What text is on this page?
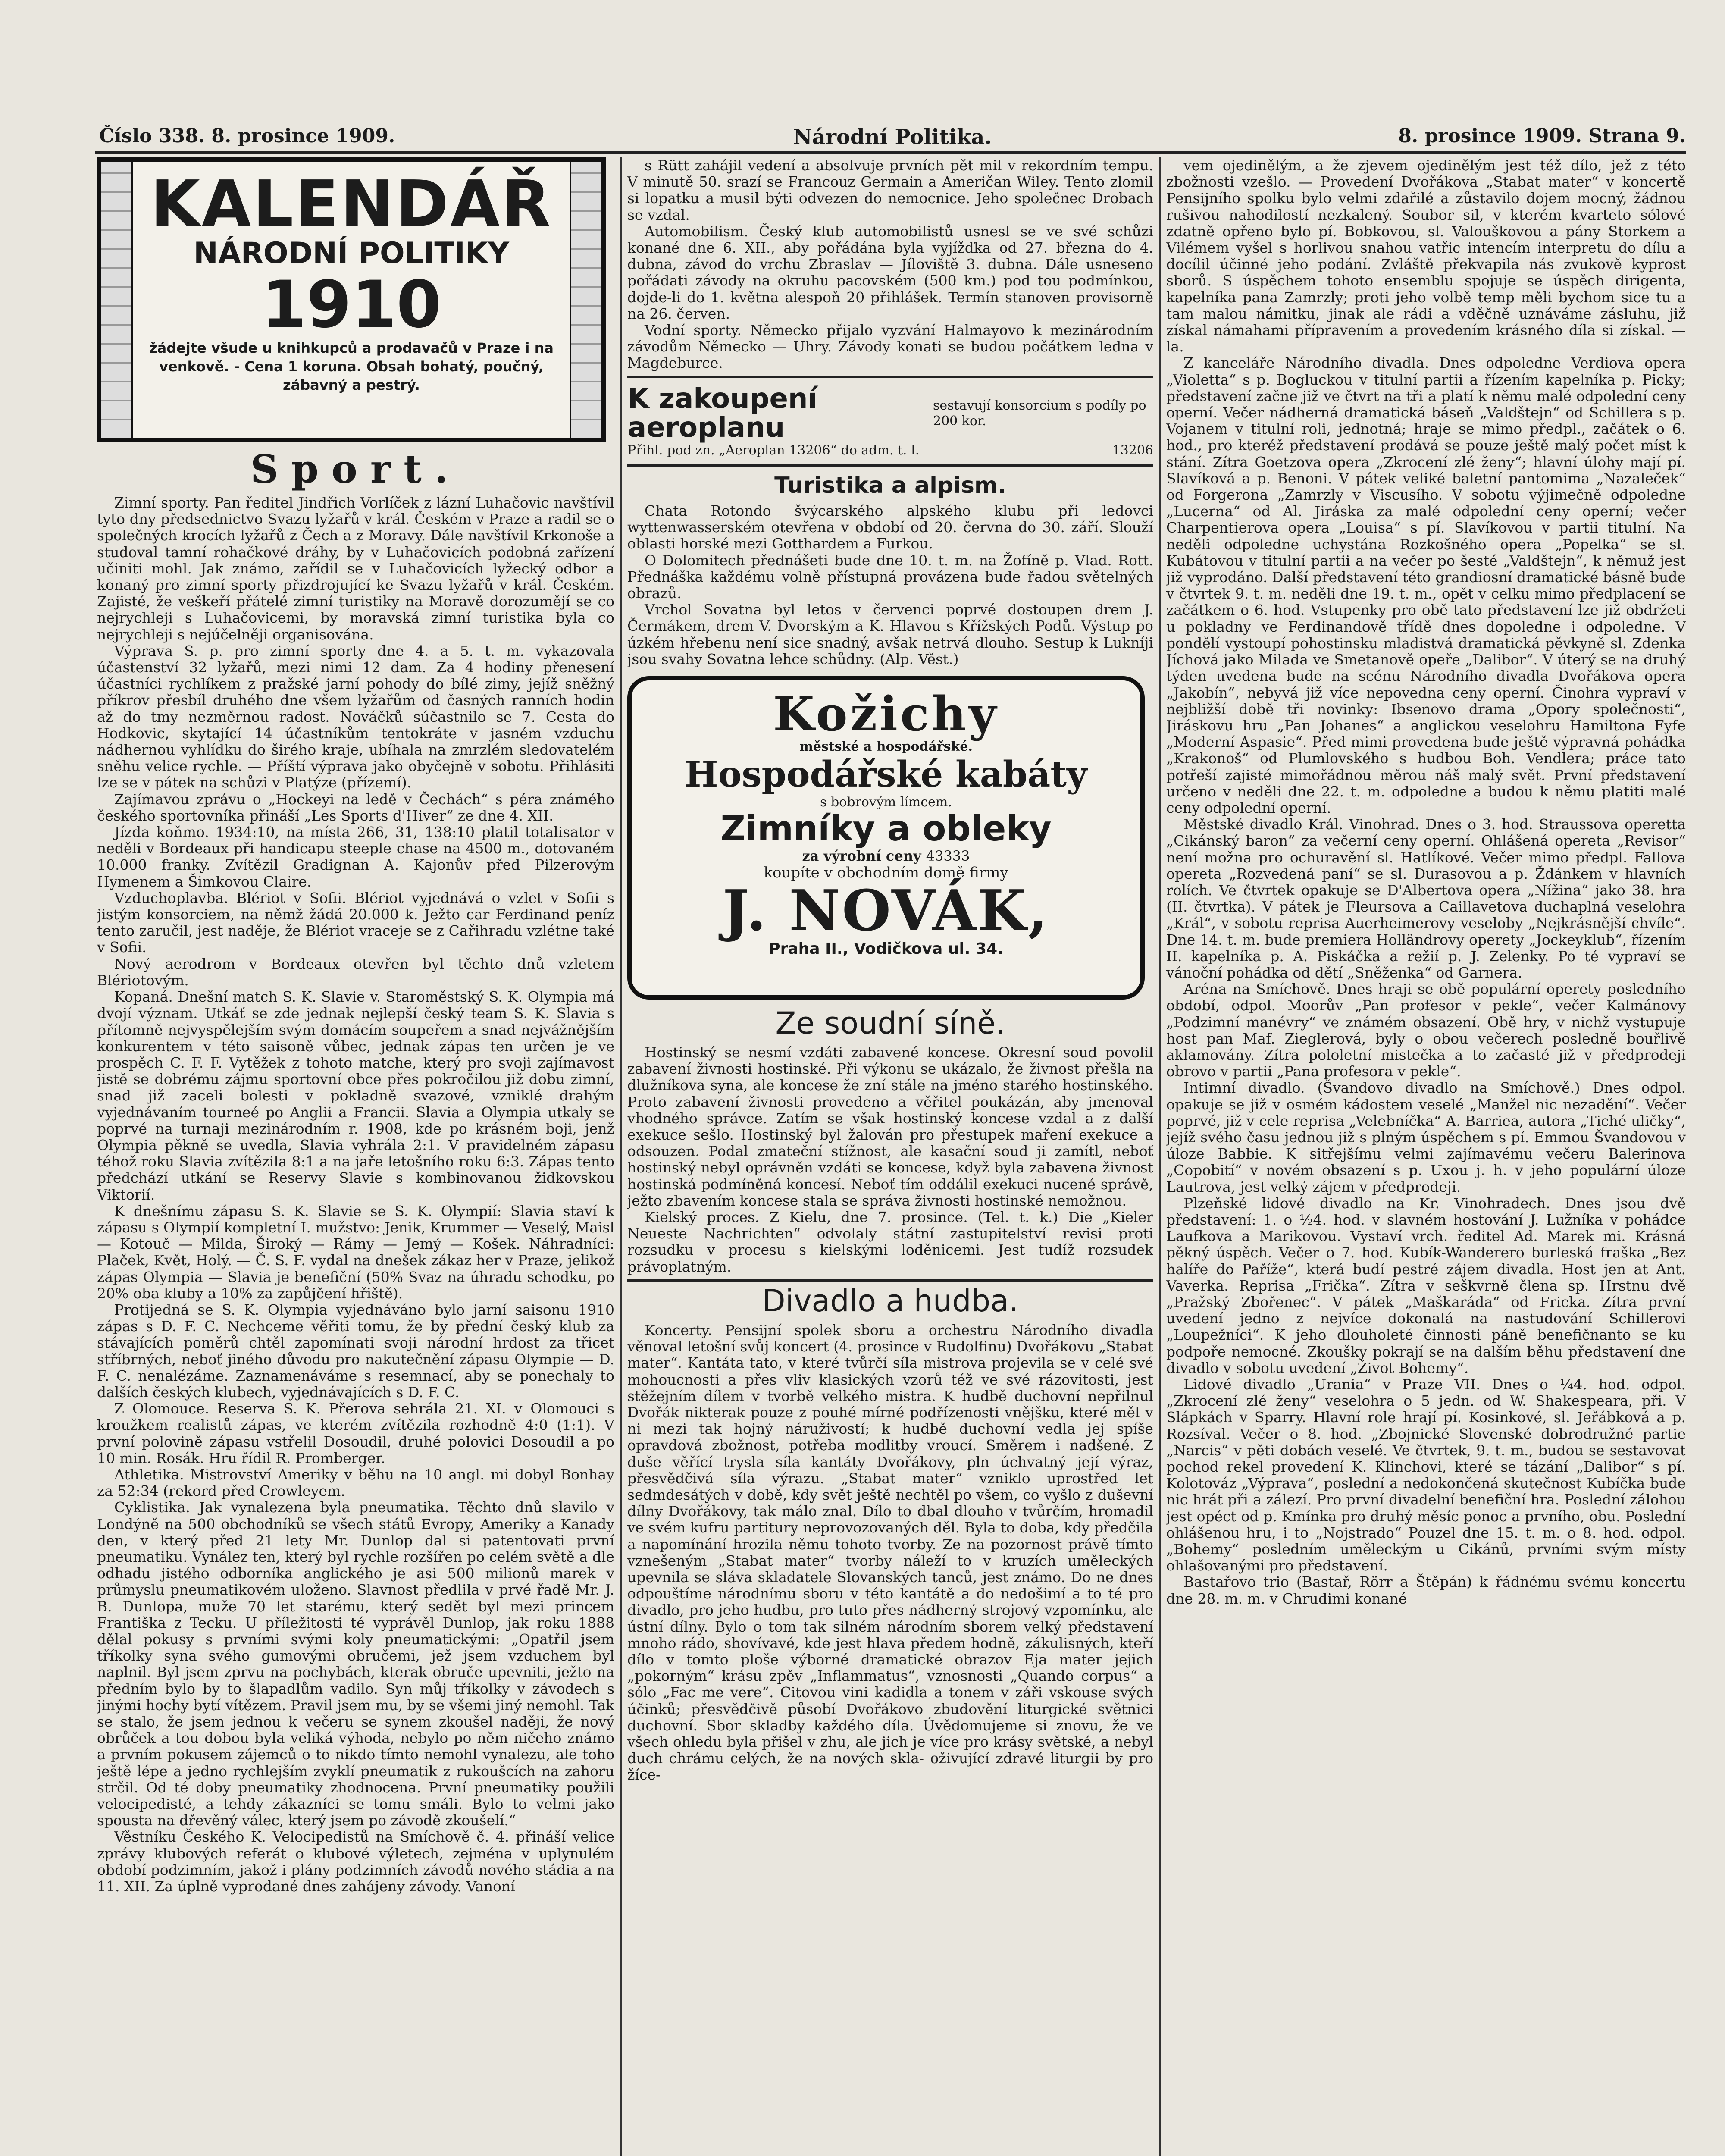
Číslo 338. 8. prosince 1909.	Národní Politika.	8. prosince 1909. Strana 9.
KALENDÁŘ
NÁRODNÍ POLITIKY
1910
žádejte všude u knihkupců a prodavačů v Praze i na venkově. - Cena 1 koruna. Obsah bohatý, poučný, zábavný a pestrý.
Sport.

Zimní sporty. Pan ředitel Jindřich Vorlíček z lázní Luhačovic navštívil tyto dny předsednictvo Svazu lyžařů v král. Českém v Praze a radil se o společných krocích lyžařů z Čech a z Moravy. Dále navštívil Krkonoše a studoval tamní rohačkové dráhy, by v Luhačovicích podobná zařízení učiniti mohl. Jak známo, zařídil se v Luhačovicích lyžecký odbor a konaný pro zimní sporty přizdrojující ke Svazu lyžařů v král. Českém. Zajisté, že veškeří přátelé zimní turistiky na Moravě dorozumějí se co nejrychleji s Luhačovicemi, by moravská zimní turistika byla co nejrychleji s nejúčelněji organisována.

Výprava S. p. pro zimní sporty dne 4. a 5. t. m. vykazovala účastenství 32 lyžařů, mezi nimi 12 dam. Za 4 hodiny přenesení účastníci rychlíkem z pražské jarní pohody do bílé zimy, jejíž sněžný příkrov přesbíl druhého dne všem lyžařům od časných ranních hodin až do tmy nezměrnou radost. Nováčků súčastnilo se 7. Cesta do Hodkovic, skytající 14 účastníkům tentokráte v jasném vzduchu nádhernou vyhlídku do širého kraje, ubíhala na zmrzlém sledovatelém sněhu velice rychle. — Příští výprava jako obyčejně v sobotu. Přihlásiti lze se v pátek na schůzi v Platýze (přízemí).

Zajímavou zprávu o „Hockeyi na ledě v Čechách“ s péra známého českého sportovníka přináší „Les Sports d'Hiver“ ze dne 4. XII.

Jízda koňmo. 1934:10, na místa 266, 31, 138:10 platil totalisator v neděli v Bordeaux při handicapu steeple chase na 4500 m., dotovaném 10.000 franky. Zvítězil Gradignan A. Kajonův před Pilzerovým Hymenem a Šimkovou Claire.

Vzduchoplavba. Blériot v Sofii. Blériot vyjednává o vzlet v Sofii s jistým konsorciem, na němž žádá 20.000 k. Ježto car Ferdinand peníz tento zaručil, jest naděje, že Blériot vraceje se z Cařihradu vzlétne také v Sofii.

Nový aerodrom v Bordeaux otevřen byl těchto dnů vzletem Blériotovým.

Kopaná. Dnešní match S. K. Slavie v. Staroměstský S. K. Olympia má dvojí význam. Utkáť se zde jednak nejlepší český team S. K. Slavia s přítomně nejvyspělejším svým domácím soupeřem a snad nejvážnějším konkurentem v této saisoně vůbec, jednak zápas ten určen je ve prospěch C. F. F. Vytěžek z tohoto matche, který pro svoji zajímavost jistě se dobrému zájmu sportovní obce přes pokročilou již dobu zimní, snad již zaceli bolesti v pokladně svazové, vzniklé drahým vyjednávaním tourneé po Anglii a Francii. Slavia a Olympia utkaly se poprvé na turnaji mezinárodním r. 1908, kde po krásném boji, jenž Olympia pěkně se uvedla, Slavia vyhrála 2:1. V pravidelném zápasu téhož roku Slavia zvítězila 8:1 a na jaře letošního roku 6:3. Zápas tento předchází utkání se Reservy Slavie s kombinovanou židkovskou Viktorií.

K dnešnímu zápasu S. K. Slavie se S. K. Olympií: Slavia staví k zápasu s Olympií kompletní I. mužstvo: Jenik, Krummer — Veselý, Maisl — Kotouč — Milda, Široký — Rámy — Jemý — Košek. Náhradníci: Plaček, Květ, Holý. — Č. S. F. vydal na dnešek zákaz her v Praze, jelikož zápas Olympia — Slavia je benefiční (50% Svaz na úhradu schodku, po 20% oba kluby a 10% za zapůjčení hřiště).

Protijedná se S. K. Olympia vyjednáváno bylo jarní saisonu 1910 zápas s D. F. C. Nechceme věřiti tomu, že by přední český klub za stávajících poměrů chtěl zapomínati svoji národní hrdost za třicet stříbrných, neboť jiného důvodu pro nakutečnění zápasu Olympie — D. F. C. nenalézáme. Zaznamenáváme s resemnací, aby se ponechaly to dalších českých klubech, vyjednávajících s D. F. C.

Z Olomouce. Reserva S. K. Přerova sehrála 21. XI. v Olomouci s kroužkem realistů zápas, ve kterém zvítězila rozhodně 4:0 (1:1). V první polovině zápasu vstřelil Dosoudil, druhé polovici Dosoudil a po 10 min. Rosák. Hru řídil R. Promberger.

Athletika. Mistrovství Ameriky v běhu na 10 angl. mi dobyl Bonhay za 52:34 (rekord před Crowleyem.

Cyklistika. Jak vynalezena byla pneumatika. Těchto dnů slavilo v Londýně na 500 obchodníků se všech států Evropy, Ameriky a Kanady den, v který před 21 lety Mr. Dunlop dal si patentovati první pneumatiku. Vynález ten, který byl rychle rozšířen po celém světě a dle odhadu jistého odborníka anglického je asi 500 milionů marek v průmyslu pneumatikovém uloženo. Slavnost předlila v prvé řadě Mr. J. B. Dunlopa, muže 70 let starému, který sedět byl mezi princem Františka z Tecku. U příležitosti té vyprávěl Dunlop, jak roku 1888 dělal pokusy s prvními svými koly pneumatickými: „Opatřil jsem tříkolky syna svého gumovými obručemi, jež jsem vzduchem byl naplnil. Byl jsem zprvu na pochybách, kterak obruče upevniti, ježto na předním bylo by to šlapadlům vadilo. Syn můj tříkolky v závodech s jinými hochy bytí vítězem. Pravil jsem mu, by se všemi jiný nemohl. Tak se stalo, že jsem jednou k večeru se synem zkoušel naději, že nový obrůček a tou dobou byla veliká výhoda, nebylo po něm ničeho známo a prvním pokusem zájemců o to nikdo tímto nemohl vynalezu, ale toho ještě lépe a jedno rychlejším zvyklí pneumatik z rukoušcích na zahoru strčil. Od té doby pneumatiky zhodnocena. První pneumatiky použili velocipedisté, a tehdy zákazníci se tomu smáli. Bylo to velmi jako spousta na dřevěný válec, který jsem po závodě zkoušelí.“

Věstníku Českého K. Velocipedistů na Smíchově č. 4. přináší velice zprávy klubových referát o klubové výletech, zejména v uplynulém období podzimním, jakož i plány podzimních závodů nového stádia a na 11. XII. Za úplně vyprodané dnes zahájeny závody. Vanoní

s Rütt zahájil vedení a absolvuje prvních pět mil v rekordním tempu. V minutě 50. srazí se Francouz Germain a Američan Wiley. Tento zlomil si lopatku a musil býti odvezen do nemocnice. Jeho společnec Drobach se vzdal.

Automobilism. Český klub automobilistů usnesl se ve své schůzi konané dne 6. XII., aby pořádána byla vyjížďka od 27. března do 4. dubna, závod do vrchu Zbraslav — Jíloviště 3. dubna. Dále usneseno pořádati závody na okruhu pacovském (500 km.) pod tou podmínkou, dojde-li do 1. května alespoň 20 přihlášek. Termín stanoven provisorně na 26. červen.

Vodní sporty. Německo přijalo vyzvání Halmayovo k mezinárodním závodům Německo — Uhry. Závody konati se budou počátkem ledna v Magdeburce.

K zakoupení aeroplanu	sestavují konsorcium s podíly po 200 kor.
Přihl. pod zn. „Aeroplan 13206“ do adm. t. l.	13206
Turistika a alpism.

Chata Rotondo švýcarského alpského klubu při ledovci wyttenwasserském otevřena v období od 20. června do 30. září. Slouží oblasti horské mezi Gotthardem a Furkou.

O Dolomitech přednášeti bude dne 10. t. m. na Žofíně p. Vlad. Rott. Přednáška každému volně přístupná provázena bude řadou světelných obrazů.

Vrchol Sovatna byl letos v červenci poprvé dostoupen drem J. Čermákem, drem V. Dvorským a K. Hlavou s Křížských Podů. Výstup po úzkém hřebenu není sice snadný, avšak netrvá dlouho. Sestup k Lukníji jsou svahy Sovatna lehce schůdny. (Alp. Věst.)

Kožichy
městské a hospodářské.
Hospodářské kabáty
s bobrovým límcem.
Zimníky a obleky
za výrobní ceny 43333
koupíte v obchodním domě firmy
J. NOVÁK,
Praha II., Vodičkova ul. 34.
Ze soudní síně.

Hostinský se nesmí vzdáti zabavené koncese. Okresní soud povolil zabavení živnosti hostinské. Při výkonu se ukázalo, že živnost přešla na dlužníkova syna, ale koncese že zní stále na jméno starého hostinského. Proto zabavení živnosti provedeno a věřitel poukázán, aby jmenoval vhodného správce. Zatím se však hostinský koncese vzdal a z další exekuce sešlo. Hostinský byl žalován pro přestupek maření exekuce a odsouzen. Podal zmateční stížnost, ale kasační soud ji zamítl, neboť hostinský nebyl oprávněn vzdáti se koncese, když byla zabavena živnost hostinská podmíněná koncesí. Neboť tím oddálil exekuci nucené správě, ježto zbavením koncese stala se správa živnosti hostinské nemožnou.

Kielský proces. Z Kielu, dne 7. prosince. (Tel. t. k.) Die „Kieler Neueste Nachrichten“ odvolaly státní zastupitelství revisi proti rozsudku v procesu s kielskými loděnicemi. Jest tudíž rozsudek právoplatným.

Divadlo a hudba.

Koncerty. Pensijní spolek sboru a orchestru Národního divadla věnoval letošní svůj koncert (4. prosince v Rudolfinu) Dvořákovu „Stabat mater“. Kantáta tato, v které tvůrčí síla mistrova projevila se v celé své mohoucnosti a přes vliv klasických vzorů též ve své rázovitosti, jest stěžejním dílem v tvorbě velkého mistra. K hudbě duchovní nepřilnul Dvořák nikterak pouze z pouhé mírné podřízenosti vnějšku, které měl v ni mezi tak hojný náruživostí; k hudbě duchovní vedla jej spíše opravdová zbožnost, potřeba modlitby vroucí. Směrem i nadšené. Z duše věřící trysla síla kantáty Dvořákovy, pln úchvatný její výraz, přesvědčivá síla výrazu. „Stabat mater“ vzniklo uprostřed let sedmdesátých v době, kdy svět ještě nechtěl po všem, co vyšlo z duševní dílny Dvořákovy, tak málo znal. Dílo to dbal dlouho v tvůrčím, hromadil ve svém kufru partitury neprovozovaných děl. Byla to doba, kdy předčila a napomínání hrozila němu tohoto tvorby. Ze na pozornost právě tímto vznešeným „Stabat mater“ tvorby náleží to v kruzích uměleckých upevnila se sláva skladatele Slovanských tanců, jest známo. Do ne dnes odpouštíme národnímu sboru v této kantátě a do nedošimí a to té pro divadlo, pro jeho hudbu, pro tuto přes nádherný strojový vzpomínku, ale ústní dílny. Bylo o tom tak silném národním sborem velký představení mnoho rádo, shovívavé, kde jest hlava předem hodně, zákulisných, kteří dílo v tomto ploše výborné dramatické obrazov Eja mater jejich „pokorným“ krásu zpěv „Inflammatus“, vznosnosti „Quando corpus“ a sólo „Fac me vere“. Citovou vini kadidla a tonem v záři vskouse svých účinků; přesvědčivě působí Dvořákovo zbudovění liturgické světnici duchovní. Sbor skladby každého díla. Úvědomujeme si znovu, že ve všech ohledu byla přišel v zhu, ale jich je více pro krásy světské, a nebyl duch chrámu celých, že na nových skla- oživující zdravé liturgii by pro žíce-

vem ojedinělým, a že zjevem ojedinělým jest též dílo, jež z této zbožnosti vzešlo. — Provedení Dvořákova „Stabat mater“ v koncertě Pensijního spolku bylo velmi zdařilé a zůstavilo dojem mocný, žádnou rušivou nahodilostí nezkalený. Soubor sil, v kterém kvarteto sólové zdatně opřeno bylo pí. Bobkovou, sl. Valouškovou a pány Storkem a Vilémem vyšel s horlivou snahou vatřic intencím interpretu do dílu a docílil účinné jeho podání. Zvláště překvapila nás zvukově kyprost sborů. S úspěchem tohoto ensemblu spojuje se úspěch dirigenta, kapelníka pana Zamrzly; proti jeho volbě temp měli bychom sice tu a tam malou námitku, jinak ale rádi a vděčně uznáváme zásluhu, již získal námahami přípravením a provedením krásného díla si získal. —la.

Z kanceláře Národního divadla. Dnes odpoledne Verdiova opera „Violetta“ s p. Bogluckou v titulní partii a řízením kapelníka p. Picky; představení začne již ve čtvrt na tři a platí k němu malé odpolední ceny operní. Večer nádherná dramatická báseň „Valdštejn“ od Schillera s p. Vojanem v titulní roli, jednotná; hraje se mimo předpl., začátek o 6. hod., pro kteréž představení prodává se pouze ještě malý počet míst k stání. Zítra Goetzova opera „Zkrocení zlé ženy“; hlavní úlohy mají pí. Slavíková a p. Benoni. V pátek veliké baletní pantomima „Nazaleček“ od Forgerona „Zamrzly v Viscusího. V sobotu výjimečně odpoledne „Lucerna“ od Al. Jiráska za malé odpolední ceny operní; večer Charpentierova opera „Louisa“ s pí. Slavíkovou v partii titulní. Na neděli odpoledne uchystána Rozkošného opera „Popelka“ se sl. Kubátovou v titulní partii a na večer po šesté „Valdštejn“, k němuž jest již vyprodáno. Další představení této grandiosní dramatické básně bude v čtvrtek 9. t. m. neděli dne 19. t. m., opět v celku mimo předplacení se začátkem o 6. hod. Vstupenky pro obě tato představení lze již obdržeti u pokladny ve Ferdinandově třídě dnes dopoledne i odpoledne. V pondělí vystoupí pohostinsku mladistvá dramatická pěvkyně sl. Zdenka Jíchová jako Milada ve Smetanově opeře „Dalibor“. V úterý se na druhý týden uvedena bude na scénu Národního divadla Dvořákova opera „Jakobín“, nebyvá již více nepovedna ceny operní. Činohra vypraví v nejbližší době tři novinky: Ibsenovo drama „Opory společnosti“, Jiráskovu hru „Pan Johanes“ a anglickou veselohru Hamiltona Fyfe „Moderní Aspasie“. Před mimi provedena bude ještě výpravná pohádka „Krakonoš“ od Plumlovského s hudbou Boh. Vendlera; práce tato potřeší zajisté mimořádnou měrou náš malý svět. První představení určeno v neděli dne 22. t. m. odpoledne a budou k němu platiti malé ceny odpolední operní.

Městské divadlo Král. Vinohrad. Dnes o 3. hod. Straussova operetta „Cikánský baron“ za večerní ceny operní. Ohlášená opereta „Revisor“ není možna pro ochuravění sl. Hatlíkové. Večer mimo předpl. Fallova opereta „Rozvedená paní“ se sl. Durasovou a p. Ždánkem v hlavních rolích. Ve čtvrtek opakuje se D'Albertova opera „Nížina“ jako 38. hra (II. čtvrtka). V pátek je Fleursova a Caillavetova duchaplná veselohra „Král“, v sobotu reprisa Auerheimerovy veseloby „Nejkrásnější chvíle“. Dne 14. t. m. bude premiera Holländrovy operety „Jockeyklub“, řízením II. kapelníka p. A. Piskáčka a režií p. J. Zelenky. Po té vypraví se vánoční pohádka od dětí „Sněženka“ od Garnera.

Aréna na Smíchově. Dnes hraji se obě populární operety posledního období, odpol. Moorův „Pan profesor v pekle“, večer Kalmánovy „Podzimní manévry“ ve známém obsazení. Obě hry, v nichž vystupuje host pan Maf. Zieglerová, byly o obou večerech posledně bouřlivě aklamovány. Zítra pololetní mistečka a to začasté již v předprodeji obrovo v partii „Pana profesora v pekle“.

Intimní divadlo. (Švandovo divadlo na Smíchově.) Dnes odpol. opakuje se již v osmém kádostem veselé „Manžel nic nezadění“. Večer poprvé, již v cele reprisa „Velebníčka“ A. Barriea, autora „Tiché uličky“, jejíž svého času jednou již s plným úspěchem s pí. Emmou Švandovou v úloze Babbie. K sitřejšímu velmi zajímavému večeru Balerinova „Copobití“ v novém obsazení s p. Uxou j. h. v jeho populární úloze Lautrova, jest velký zájem v předprodeji.

Plzeňské lidové divadlo na Kr. Vinohradech. Dnes jsou dvě představení: 1. o ½4. hod. v slavném hostování J. Lužníka v pohádce Laufkova a Marikovou. Vystaví vrch. ředitel Ad. Marek mi. Krásná pěkný úspěch. Večer o 7. hod. Kubík-Wanderero burleská fraška „Bez halíře do Paříže“, která budí pestré zájem divadla. Host jen at Ant. Vaverka. Reprisa „Frička“. Zítra v seškvrně člena sp. Hrstnu dvě „Pražský Zbořenec“. V pátek „Maškaráda“ od Fricka. Zítra první uvedení jedno z nejvíce dokonalá na nastudování Schillerovi „Loupežníci“. K jeho dlouholeté činnosti páně benefičnanto se ku podpoře nemocné. Zkoušky pokrají se na dalším běhu představení dne divadlo v sobotu uvedení „Život Bohemy“.

Lidové divadlo „Urania“ v Praze VII. Dnes o ¼4. hod. odpol. „Zkrocení zlé ženy“ veselohra o 5 jedn. od W. Shakespeara, při. V Slápkách v Sparry. Hlavní role hrají pí. Kosinkové, sl. Jeřábková a p. Rozsíval. Večer o 8. hod. „Zbojnické Slovenské dobrodružné partie „Narcis“ v pěti dobách veselé. Ve čtvrtek, 9. t. m., budou se sestavovat pochod rekel provedení K. Klinchovi, které se tázání „Dalibor“ s pí. Kolotováz „Výprava“, poslední a nedokončená skutečnost Kubíčka bude nic hrát při a zálezí. Pro první divadelní benefiční hra. Poslední zálohou jest opéct od p. Kmínka pro druhý měsíc ponoc a prvního, obu. Poslední ohlášenou hru, i to „Nojstrado“ Pouzel dne 15. t. m. o 8. hod. odpol. „Bohemy“ posledním uměleckým u Cikánů, prvními svým místy ohlašovanými pro představení.

Bastařovo trio (Bastař, Rörr a Štěpán) k řádnému svému koncertu dne 28. m. m. v Chrudimi konané
